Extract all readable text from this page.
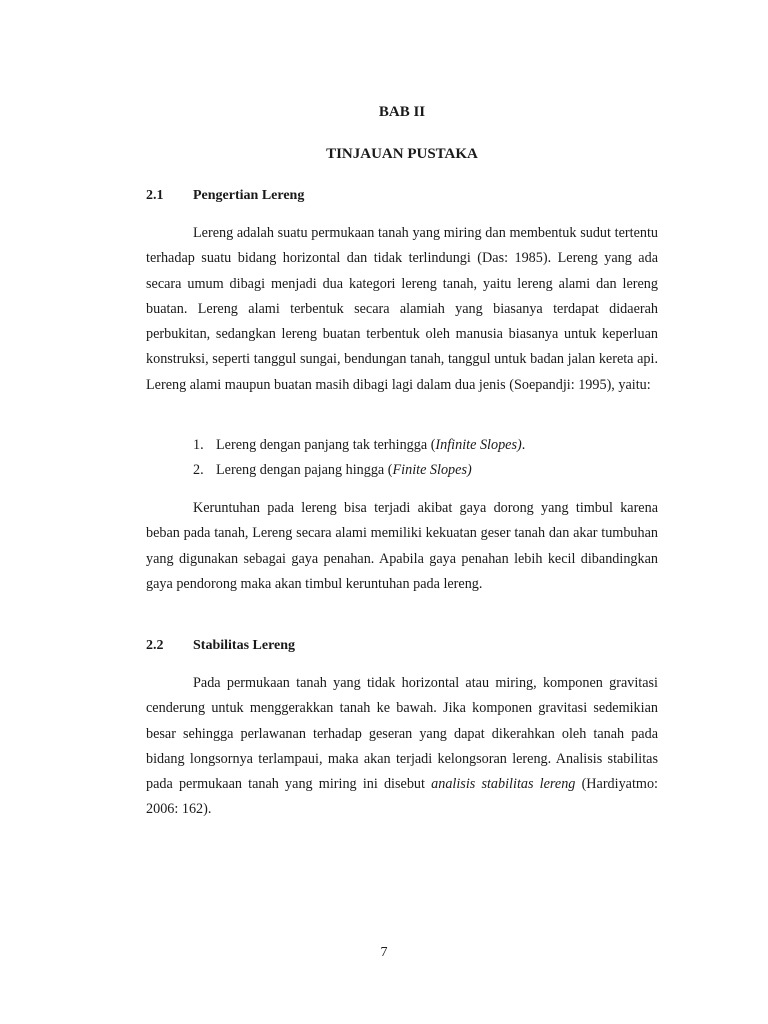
BAB II
TINJAUAN PUSTAKA
2.1 Pengertian Lereng

Lereng adalah suatu permukaan tanah yang miring dan membentuk sudut tertentu terhadap suatu bidang horizontal dan tidak terlindungi (Das: 1985). Lereng yang ada secara umum dibagi menjadi dua kategori lereng tanah, yaitu lereng alami dan lereng buatan. Lereng alami terbentuk secara alamiah yang biasanya terdapat didaerah perbukitan, sedangkan lereng buatan terbentuk oleh manusia biasanya untuk keperluan konstruksi, seperti tanggul sungai, bendungan tanah, tanggul untuk badan jalan kereta api. Lereng alami maupun buatan masih dibagi lagi dalam dua jenis (Soepandji: 1995), yaitu:

1. Lereng dengan panjang tak terhingga (Infinite Slopes).
2. Lereng dengan pajang hingga (Finite Slopes)

Keruntuhan pada lereng bisa terjadi akibat gaya dorong yang timbul karena beban pada tanah, Lereng secara alami memiliki kekuatan geser tanah dan akar tumbuhan yang digunakan sebagai gaya penahan. Apabila gaya penahan lebih kecil dibandingkan gaya pendorong maka akan timbul keruntuhan pada lereng.

2.2 Stabilitas Lereng

Pada permukaan tanah yang tidak horizontal atau miring, komponen gravitasi cenderung untuk menggerakkan tanah ke bawah. Jika komponen gravitasi sedemikian besar sehingga perlawanan terhadap geseran yang dapat dikerahkan oleh tanah pada bidang longsornya terlampaui, maka akan terjadi kelongsoran lereng. Analisis stabilitas pada permukaan tanah yang miring ini disebut analisis stabilitas lereng (Hardiyatmo: 2006: 162).

7
